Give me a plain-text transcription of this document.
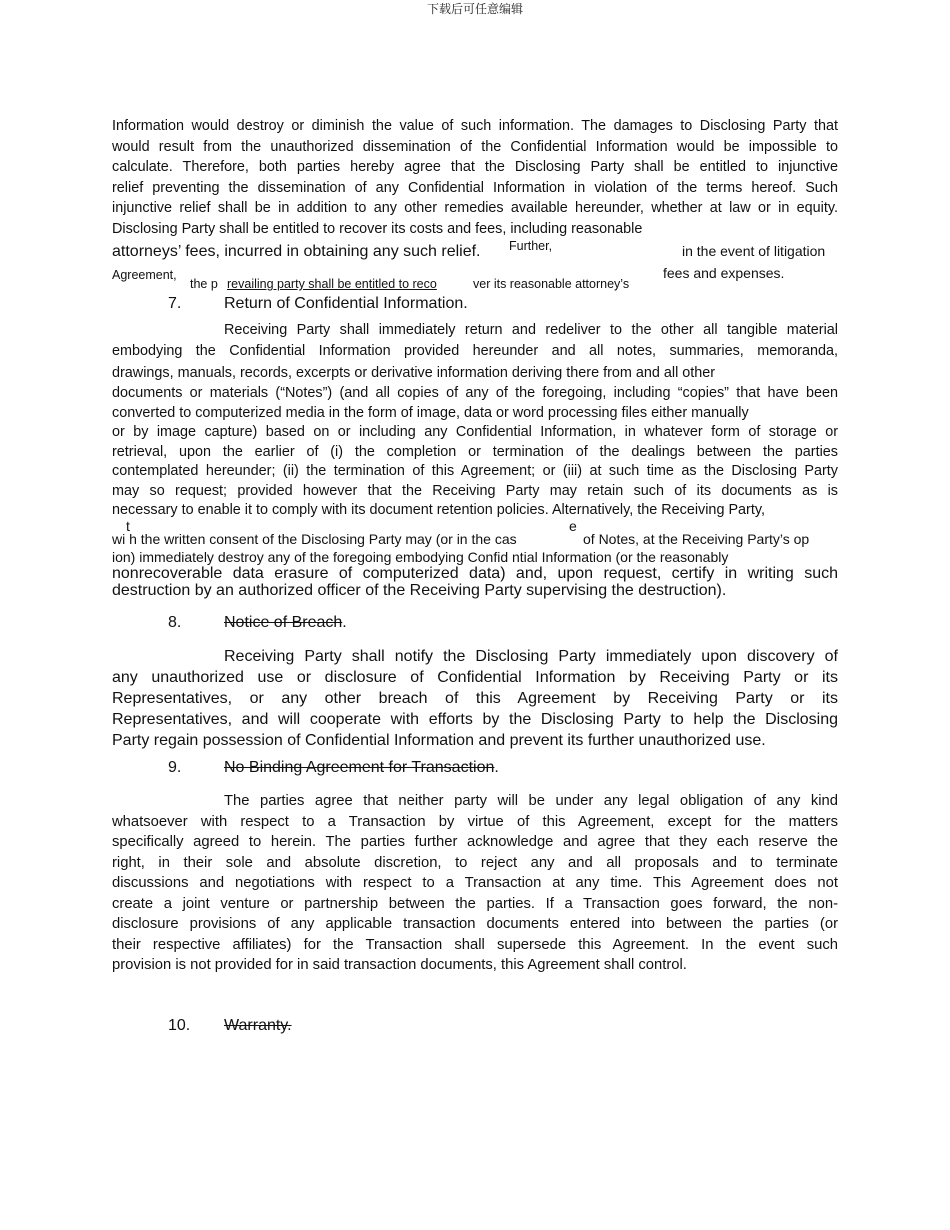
下载后可任意编辑

Information would destroy or diminish the value of such information. The damages to Disclosing Party that

would result from the unauthorized dissemination of the Confidential Information would be impossible to

calculate. Therefore, both parties hereby agree that the Disclosing Party shall be entitled to injunctive

relief preventing the dissemination of any Confidential Information in violation of the terms hereof. Such

injunctive relief shall be in addition to any other remedies available hereunder, whether at law or in equity.

Disclosing Party shall be entitled to recover its costs and fees, including reasonable

attorneys’ fees, incurred in obtaining any such relief. Further,	in the event of litigation
Agreement,
the p revailing party shall be entitled to reco	ver its reasonable attorney’s
fees and expenses.
7.	Return of Confidential Information.

Receiving Party shall immediately return and redeliver to the other all tangible material

embodying the Confidential Information provided hereunder and all notes, summaries, memoranda,

drawings, manuals, records, excerpts or derivative information deriving there from and all other

documents or materials (“Notes”) (and all copies of any of the foregoing, including “copies” that have been

converted to computerized media in the form of image, data or word processing files either manually

or by image capture) based on or including any Confidential Information, in whatever form of storage or

retrieval, upon the earlier of (i) the completion or termination of the dealings between the parties

contemplated hereunder; (ii) the termination of this Agreement; or (iii) at such time as the Disclosing Party

may so request; provided however that the Receiving Party may retain such of its documents as is

necessary to enable it to comply with its document retention policies. Alternatively, the Receiving Party,

t	e
wi h the written consent of the Disclosing Party may (or in the cas	of Notes, at the Receiving Party’s op
ion) immediately destroy any of the foregoing embodying Confid ntial Information (or the reasonably

nonrecoverable data erasure of computerized data) and, upon request, certify in writing such

destruction by an authorized officer of the Receiving Party supervising the destruction).

8.	Notice of Breach.

Receiving Party shall notify the Disclosing Party immediately upon discovery of

any unauthorized use or disclosure of Confidential Information by Receiving Party or its

Representatives, or any other breach of this Agreement by Receiving Party or its

Representatives, and will cooperate with efforts by the Disclosing Party to help the Disclosing

Party regain possession of Confidential Information and prevent its further unauthorized use.

9.	No Binding Agreement for Transaction.

The parties agree that neither party will be under any legal obligation of any kind

whatsoever with respect to a Transaction by virtue of this Agreement, except for the matters

specifically agreed to herein. The parties further acknowledge and agree that they each reserve the

right, in their sole and absolute discretion, to reject any and all proposals and to terminate

discussions and negotiations with respect to a Transaction at any time. This Agreement does not

create a joint venture or partnership between the parties. If a Transaction goes forward, the non-

disclosure provisions of any applicable transaction documents entered into between the parties (or

their respective affiliates) for the Transaction shall supersede this Agreement. In the event such

provision is not provided for in said transaction documents, this Agreement shall control.

10. Warranty.
